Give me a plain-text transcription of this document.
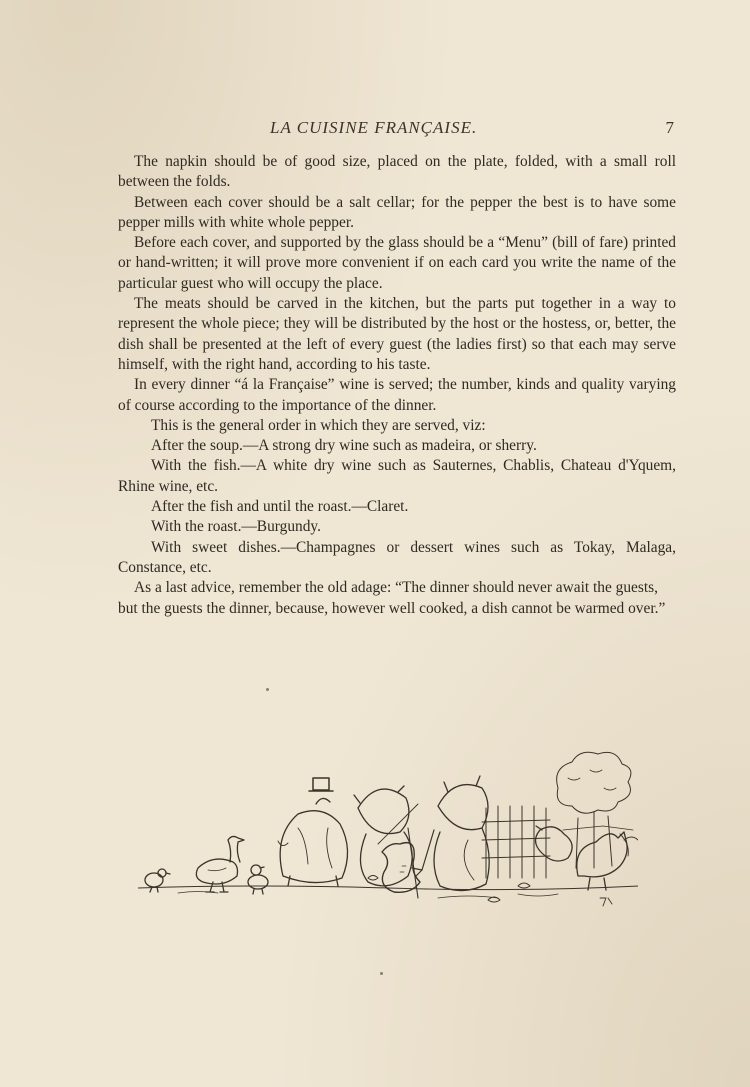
LA CUISINE FRANÇAISE.	7

The napkin should be of good size, placed on the plate, folded, with a small roll between the folds.

Between each cover should be a salt cellar; for the pepper the best is to have some pepper mills with white whole pepper.

Before each cover, and supported by the glass should be a “Menu” (bill of fare) printed or hand-written; it will prove more convenient if on each card you write the name of the particular guest who will occupy the place.

The meats should be carved in the kitchen, but the parts put together in a way to represent the whole piece; they will be distributed by the host or the hostess, or, better, the dish shall be presented at the left of every guest (the ladies first) so that each may serve himself, with the right hand, according to his taste.

In every dinner “á la Française” wine is served; the number, kinds and quality varying of course according to the importance of the dinner.

This is the general order in which they are served, viz:

After the soup.—A strong dry wine such as madeira, or sherry.

With the fish.—A white dry wine such as Sauternes, Chablis, Chateau d'Yquem, Rhine wine, etc.

After the fish and until the roast.—Claret.

With the roast.—Burgundy.

With sweet dishes.—Champagnes or dessert wines such as Tokay, Malaga, Constance, etc.

As a last advice, remember the old adage: “The dinner should never await the guests, but the guests the dinner, because, however well cooked, a dish cannot be warmed over.”
